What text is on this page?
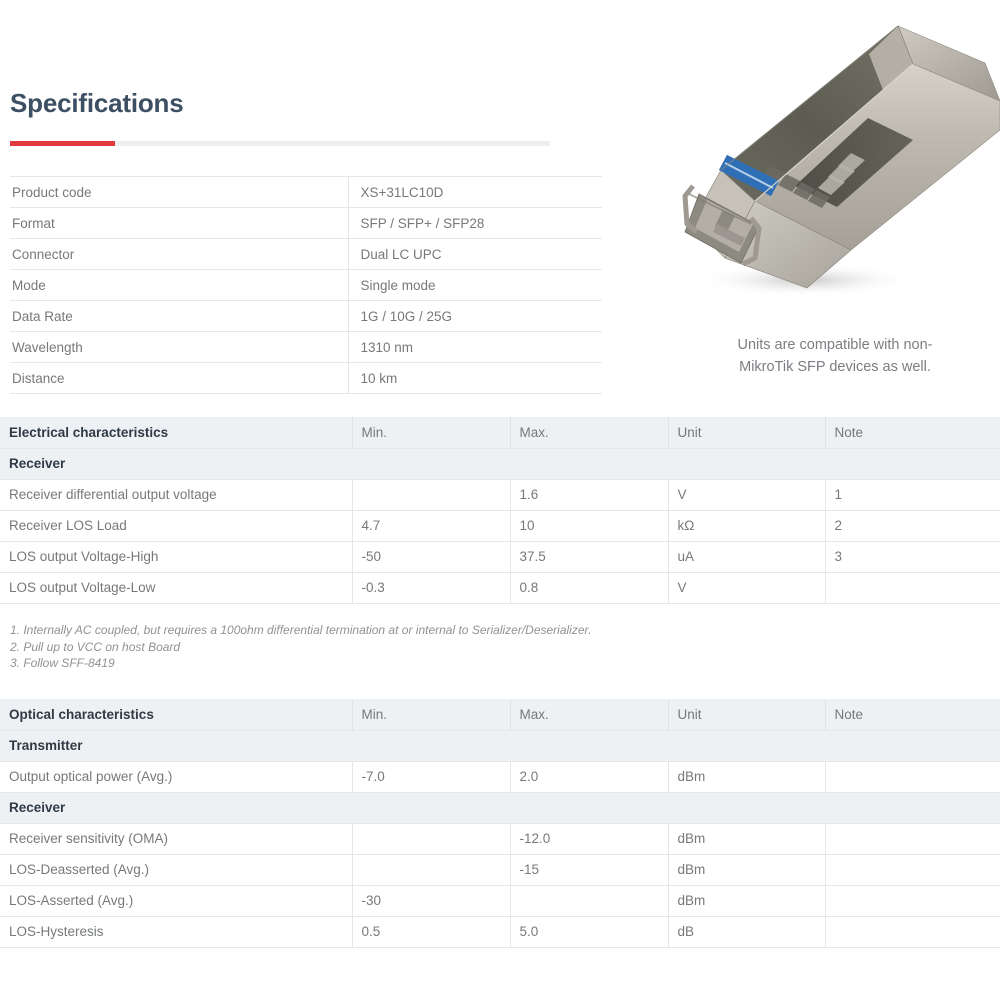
Specifications
Product code	XS+31LC10D
Format	SFP / SFP+ / SFP28
Connector	Dual LC UPC
Mode	Single mode
Data Rate	1G / 10G / 25G
Wavelength	1310 nm
Distance	10 km
Units are compatible with non-
MikroTik SFP devices as well.
Electrical characteristics	Min.	Max.	Unit	Note
Receiver				
Receiver differential output voltage		1.6	V	1
Receiver LOS Load	4.7	10	kΩ	2
LOS output Voltage-High	-50	37.5	uA	3
LOS output Voltage-Low	-0.3	0.8	V	
1. Internally AC coupled, but requires a 100ohm differential termination at or internal to Serializer/Deserializer.
2. Pull up to VCC on host Board
3. Follow SFF-8419
Optical characteristics	Min.	Max.	Unit	Note
Transmitter				
Output optical power (Avg.)	-7.0	2.0	dBm	
Receiver				
Receiver sensitivity (OMA)		-12.0	dBm	
LOS-Deasserted (Avg.)		-15	dBm	
LOS-Asserted (Avg.)	-30		dBm	
LOS-Hysteresis	0.5	5.0	dB	
